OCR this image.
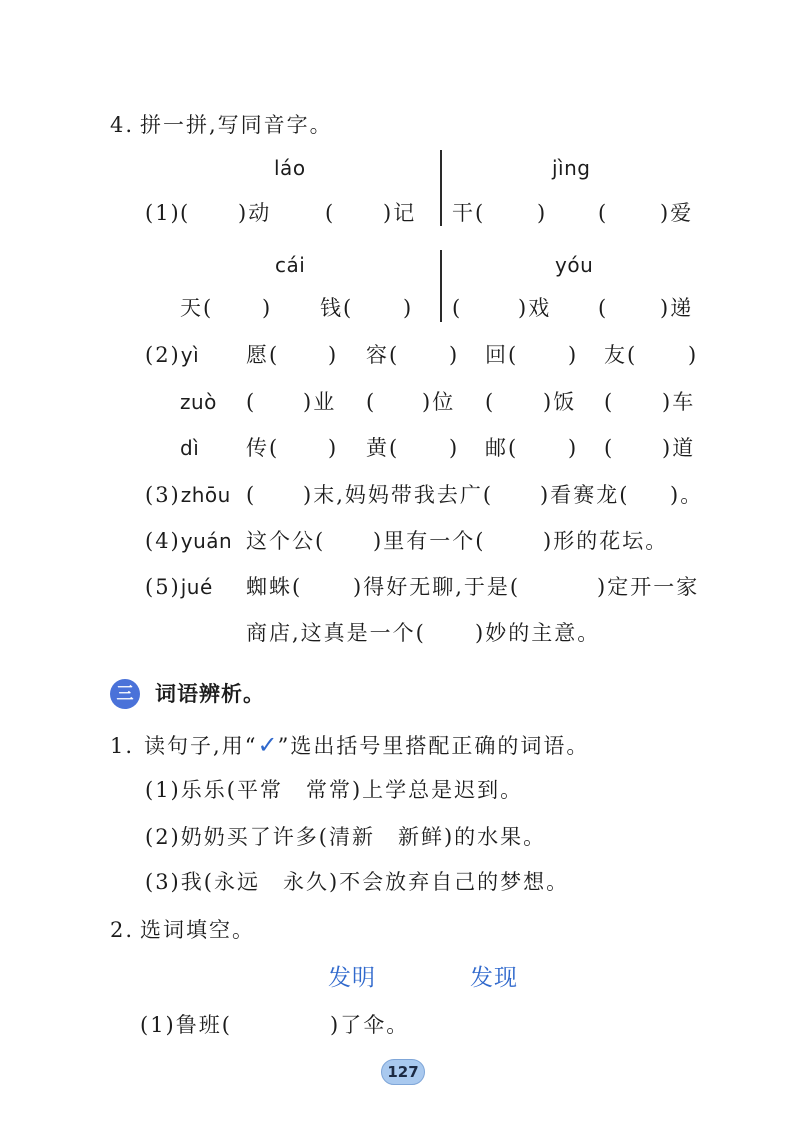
4. 拼一拼,写同音字。
láo	jìng
(1) ( )动	( )记 干( ) ( )爱
cái	yóu
天( ) 钱( ) (	)戏 ( )递
(2)yì 愿( ) 容( ) 回( ) 友( )
zuò ( )业 ( )位 ( )饭 ( )车
dì 传( ) 黄( ) 邮( ) ( )道
(3)zhōu ( )末,妈妈带我去广( )看赛龙( )。
(4)yuán 这个公( )里有一个(	)形的花坛。
(5)jué 蜘蛛( )得好无聊,于是(	)定开一家
商店,这真是一个( )妙的主意。
三	词语辨析。
1. 读句子,用“✓”选出括号里搭配正确的词语。
(1)乐乐(平常　常常)上学总是迟到。
(2)奶奶买了许多(清新　新鲜)的水果。
(3)我(永远　永久)不会放弃自己的梦想。
2. 选词填空。
发明	发现
(1)鲁班(	)了伞。
127
